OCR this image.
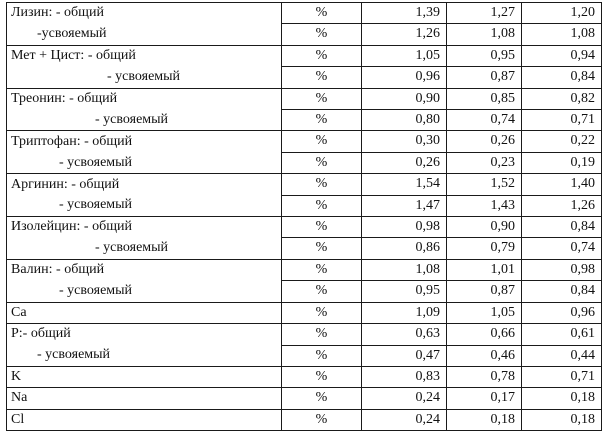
Лизин: - общий	%	1,39	1,27	1,20
-усвояемый	%	1,26	1,08	1,08
Мет + Цист: - общий	%	1,05	0,95	0,94
- усвояемый	%	0,96	0,87	0,84
Треонин: - общий	%	0,90	0,85	0,82
- усвояемый	%	0,80	0,74	0,71
Триптофан: - общий	%	0,30	0,26	0,22
- усвояемый	%	0,26	0,23	0,19
Аргинин: - общий	%	1,54	1,52	1,40
- усвояемый	%	1,47	1,43	1,26
Изолейцин: - общий	%	0,98	0,90	0,84
- усвояемый	%	0,86	0,79	0,74
Валин: - общий	%	1,08	1,01	0,98
- усвояемый	%	0,95	0,87	0,84
Ca	%	1,09	1,05	0,96
P:- общий	%	0,63	0,66	0,61
- усвояемый	%	0,47	0,46	0,44
K	%	0,83	0,78	0,71
Na	%	0,24	0,17	0,18
Cl	%	0,24	0,18	0,18
